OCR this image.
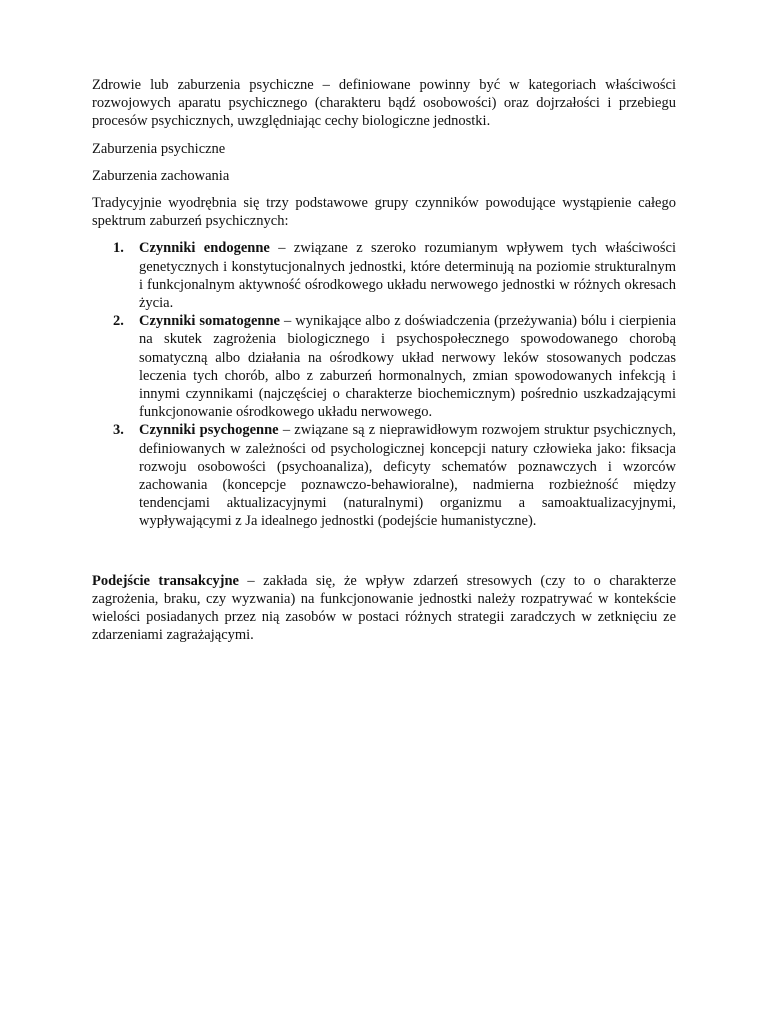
Zdrowie lub zaburzenia psychiczne – definiowane powinny być w kategoriach właściwości rozwojowych aparatu psychicznego (charakteru bądź osobowości) oraz dojrzałości i przebiegu procesów psychicznych, uwzględniając cechy biologiczne jednostki.

Zaburzenia psychiczne

Zaburzenia zachowania

Tradycyjnie wyodrębnia się trzy podstawowe grupy czynników powodujące wystąpienie całego spektrum zaburzeń psychicznych:

1. Czynniki endogenne – związane z szeroko rozumianym wpływem tych właściwości genetycznych i konstytucjonalnych jednostki, które determinują na poziomie strukturalnym i funkcjonalnym aktywność ośrodkowego układu nerwowego jednostki w różnych okresach życia.
2. Czynniki somatogenne – wynikające albo z doświadczenia (przeżywania) bólu i cierpienia na skutek zagrożenia biologicznego i psychospołecznego spowodowanego chorobą somatyczną albo działania na ośrodkowy układ nerwowy leków stosowanych podczas leczenia tych chorób, albo z zaburzeń hormonalnych, zmian spowodowanych infekcją i innymi czynnikami (najczęściej o charakterze biochemicznym) pośrednio uszkadzającymi funkcjonowanie ośrodkowego układu nerwowego.
3. Czynniki psychogenne – związane są z nieprawidłowym rozwojem struktur psychicznych, definiowanych w zależności od psychologicznej koncepcji natury człowieka jako: fiksacja rozwoju osobowości (psychoanaliza), deficyty schematów poznawczych i wzorców zachowania (koncepcje poznawczo-behawioralne), nadmierna rozbieżność między tendencjami aktualizacyjnymi (naturalnymi) organizmu a samoaktualizacyjnymi, wypływającymi z Ja idealnego jednostki (podejście humanistyczne).

Podejście transakcyjne – zakłada się, że wpływ zdarzeń stresowych (czy to o charakterze zagrożenia, braku, czy wyzwania) na funkcjonowanie jednostki należy rozpatrywać w kontekście wielości posiadanych przez nią zasobów w postaci różnych strategii zaradczych w zetknięciu ze zdarzeniami zagrażającymi.
